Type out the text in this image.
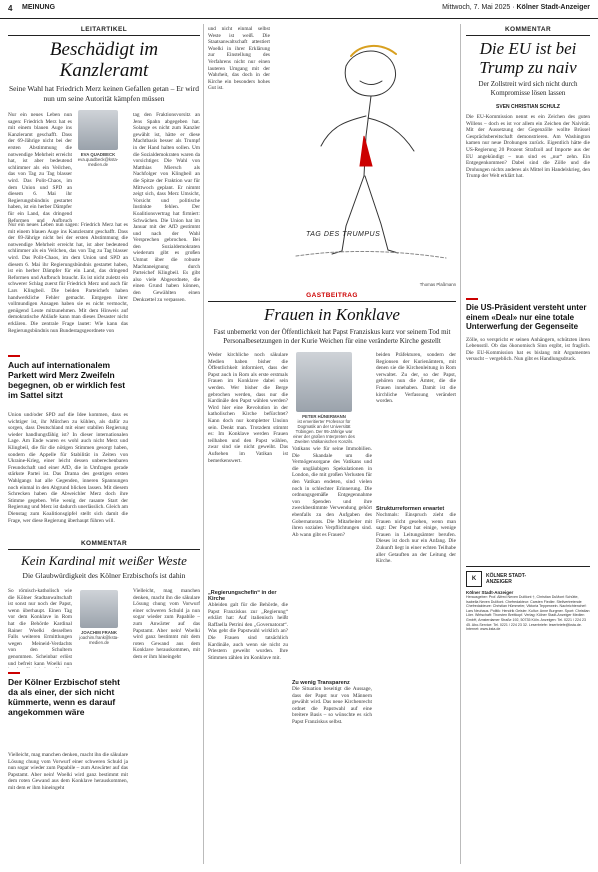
4 MEINUNG	Mittwoch, 7. Mai 2025 · Kölner Stadt-Anzeiger
LEITARTIKEL
Beschädigt im Kanzleramt
Seine Wahl hat Friedrich Merz keinen Gefallen getan – Er wird nun um seine Autorität kämpfen müssen
Nur ein neues Leben nun sagen: Friedrich Merz hat es mit einem blauen Auge ins Kanzleramt geschafft. Dass der 69-Jährige nicht bei der ersten Abstimmung die notwendige Mehrheit erreicht hat, ist aber bedeutend schlimmer als ein Veilchen, das von Tag zu Tag blasser wird. Das Polit-Chaos, im dem Union und SPD an diesem 6. Mai ihr Regierungsbündnis gestartet haben, ist ein herber Dämpfer für ein Land, das dringend Reformen und Aufbruch
EVA QUADBECK
eva.quadbeck@ksta-medien.de
Nur ein neues Leben nun sagen: Friedrich Merz hat es mit einem blauen Auge ins Kanzleramt geschafft. Dass der 69-Jährige nicht bei der ersten Abstimmung die notwendige Mehrheit erreicht hat, ist aber bedeutend schlimmer als ein Veilchen, das von Tag zu Tag blasser wird. Das Polit-Chaos, im dem Union und SPD an diesem 6. Mai ihr Regierungsbündnis gestartet haben, ist ein herber Dämpfer für ein Land, das dringend Reformen und Aufbruch braucht. Es ist nicht zuletzt ein schwerer Schlag zuerst für Friedrich Merz und auch für Lars Klingbeil. Die beiden Parteichefs haben handwerkliche Fehler gemacht. Entgegen ihrer vollmundigen Ansagen haben sie es nicht vermocht, genügend Leute mitzunehmen. Mit dem Hinweis auf demokratische Abläufe kann man dieses Desaster nicht erklären. Die zentrale Frage lautet: Wie kann das Regierungsbündnis nun Bundestagsgeordnete von
Auch auf internationalem Parkett wird Merz Zweifeln begegnen, ob er wirklich fest im Sattel sitzt
Union und/oder SPD auf die Idee kommen, dass es wichtiger ist, ihr Mütchen zu kühlen, als dafür zu sorgen, dass Deutschland mit einer stabilen Regierung wieder handlungsfähig ist? In dieser internationalen Lage. Am Ende waren es wohl auch nicht Merz und Klingbeil, die für die nötigen Stimmen gesorgt haben, sondern die Appelle für Stabilität in Zeiten von Ukraine-Krieg, einer leicht dessen unberechenbaren Freundschaft und einer AfD, die in Umfragen gerade stärkste Partei ist. Das Drama des gestrigen ersten Wahlgangs hat alle Gegenden, inneren Spannungen noch einmal in den Abgrund blicken lassen. Mit diesem Schrecken haben die Abweichler Merz doch ihre Stimme gegeben. Wie wenig der rasante Start der Regierung und Merz ist dadurch unerlässlich. Gleich am Dienstag zum Koalitionsgipfel stellt sich damit die Frage, wer diese Regierung überhaupt führen will.
tag den Fraktionsvorsitz an Jens Spahn abgegeben hat. Solange es nicht zum Kanzler gewählt ist, hätte er diese Machtbasis besser als Trumpf in der Hand halten sollen. Um die Sozialdemokraten waren da vorsichtiger. Die Wahl von Matthias Miersch als Nachfolger von Klingbeil an die Spitze der Fraktion war für Mittwoch geplant. Er nimmt zeigt sich, dass Merz Umsicht, Vorsicht und politische Instinkte fehlen. Der Koalitionsvertrag hat firmiert: Schwächen. Die Union hat im Januar mit der AfD gestimmt und nach der Wahl Versprechen gebrochen. Bei den Sozialdemokraten wiederum gibt es großen Unmut über die robuste Machtaneignung durch Parteichef Klingbeil. Es gibt also viele Abgeordnete, die einen Grund haben können, den Gewählten einen Denkzettel zu verpassen.
KOMMENTAR
Kein Kardinal mit weißer Weste
Die Glaubwürdigkeit des Kölner Erzbischofs ist dahin
So römisch-katholisch wie die Kölner Stadtanwaltschaft ist sonst nur noch der Papst, wenn überhaupt. Einen Tag vor dem Konklave in Rom hat die Behörde Kardinal Rainer Woelki desselben Falls weiteren Ermittlungen wegen Meineid-Verdachts von den Schultern genommen. Scheinbar erlöst und befreit kann Woelki nun
JOACHIM FRANK
joachim.frank@ksta-medien.de
Der Kölner Erzbischof steht da als einer, der sich nicht kümmerte, wenn es darauf angekommen wäre
Vielleicht, mag manchen denken, macht ihn die säkulare Lösung chung vom Vorwurf einer schweren Schuld ja nun sogar wieder zum Papabile – zum Anwärter auf das Papstamt. Aber nein! Woelki wird ganz bestimmt mit dem roten Gewand aus dem Konklave herauskommen, mit dem er ihm hineingeht
Vielleicht, mag manchen denken, macht ihn die säkulare Lösung chung vom Vorwurf einer schweren Schuld ja nun sogar wieder zum Papabile – zum Anwärter auf das Papstamt. Aber nein! Woelki wird ganz bestimmt mit dem roten Gewand aus dem Konklave herauskommen, mit dem er ihm hineingeht
und nicht einmal selbst Weste ist weiß. Die Staatsanwaltschaft attestiert Woelki in ihrer Erklärung zur Einstellung des Verfahrens nicht nur einen lauteren Umgang mit der Wahrheit, das doch in der Kirche ein besonders hohes Gut ist.
TAG DES TRUMPUS
Thomas Plaßmann
GASTBEITRAG
Frauen in Konklave
Fast unbemerkt von der Öffentlichkeit hat Papst Franziskus kurz vor seinem Tod mit Personalbesetzungen in der Kurie Weichen für eine veränderte Kirche gestellt
Weder kirchliche noch säkulare Medien haben bisher die Öffentlichkeit informiert, dass der Papst auch in Rom als erste erstmals Frauen im Konklave dabei sein werden. Wer bisher die Berge gebrochen werden, dass nur die Kardinäle den Papst wählen werden? Wird hier eine Revolution in der katholischen Kirche befürchtet? Kann doch nur kompletter Unsinn sein. Denkt man. Trotzdem stimmt es: Im Konklave werden Frauen teilhaben und den Papst wählen, zwar sind sie nicht geweiht. Das Aufsehen im Vatikan ist bemerkenswert.
„Regierungschefin“ in der Kirche
Ableiden galt für die Behörde, die Papst Franziskus zur „Regierung“ erklärt hat: Auf italienisch heißt Raffaella Petrini den „Governatorat“. Was geht die Papstwahl wirklich an? Die Frauen sind tatsächlich Kardinäle, auch wenn sie nicht zu Priestern geweiht wurden. Ihre Stimmen zählen im Konklave mit.
PETER HÜNERMANN
ist emeritierter Professor für Dogmatik an der Universität Tübingen. Der 95-Jährige war einer der großen Interpreten des Zweiten Vatikanischen Konzils.
Vatikans wie für seine Immobilien. Die Skandale um die Vermögensorgane des Vatikans und die ungläubigen Spekulationen in London, die mit großen Verlusten für den Vatikan endeten, sind vielen noch in schlechter Erinnerung. Die ordnungsgemäße Entgegennahme von Spenden und ihre zweckbestimmte Verwendung gehört ebenfalls zu den Aufgaben des Gobernatorats. Die Mitarbeiter mit ihren sozialen Verpflichtungen sind. Ab wann gibt es Frauen?
Zu wenig Transparenz
Die Situation beseitigt die Aussage, dass der Papst nur von Männern gewählt wird. Das neue Kirchenrecht ordnet die Papstwahl auf eine breitere Basis – so wünschte es sich Papst Franziskus selbst.
beiden Präfekturen, sondern der Regionsen der Kurienämtern, mit denen sie die Kirchenleitung in Rom verwaltet. Zu der, so der Papst, gehören nun die Ämter, die die Frauen innehaben. Damit ist die kirchliche Verfassung verändert worden.
Strukturreformen erwartet
Nochmals: Einspruch zieht die Frauen nicht gesehen, wenn man sagt: Der Papst hat einige, wenige Frauen in Leitungsämter berufen. Dieses ist doch nur ein Anfang. Die Zukunft liegt in einer echten Teilhabe aller Getauften an der Leitung der Kirche.
KOMMENTAR
Die EU ist bei Trump zu naiv
Der Zollstreit wird sich nicht durch Kompromisse lösen lassen
SVEN CHRISTIAN SCHULZ
Die EU-Kommission nennt es ein Zeichen des guten Willens – doch es ist vor allem ein Zeichen der Naivität. Mit der Aussetzung der Gegenzölle wollte Brüssel Gesprächsbereitschaft demonstrieren. Am Washington kamen nur neue Drohungen zurück. Eigentlich hätte die US-Regierung 20 Prozent Strafzoll auf Importe aus der EU angekündigt – nun sind es „nur“ zehn. Ein Entgegenkommen? Dabei sind die Zölle und die Drohungen nichts anderes als Mittel im Handelskrieg, den Trump der Welt erklärt hat.
Die US-Präsident versteht unter einem «Deal» nur eine totale Unterwerfung der Gegenseite
Zölle, so verspricht er seinen Anhängern, schützten ihren Lebensstil. Ob das ökonomisch Sinn ergibt, ist fraglich. Die EU-Kommission hat es bislang mit Argumenten versucht – vergeblich. Nun gibt es Handlungsdruck.
K	KÖLNER STADT-ANZEIGER
Kölner Stadt-Anzeiger
Herausgeber: Prof. Alfred Neven DuMont †, Christian DuMont Schütte, Isabella Neven DuMont. Chefredakteur: Carsten Fiedler. Stellvertretende Chefredakteure: Christian Hümmeler, Viktoria Tepperwein. Nachrichtenchef: Lars Neuhaus. Politik: Hendrik Geisler. Kultur: Anne Burgmer. Sport: Christian Löer. Wirtschaft: Thorsten Breitkopf. Verlag: Kölner Stadt-Anzeiger Medien GmbH, Amsterdamer Straße 192, 50735 Köln. Anzeigen: Tel. 0221 / 224 23 45. Abo-Service: Tel. 0221 / 224 23 32. Leserbriefe: leserbriefe@ksta.de. Internet: www.ksta.de
